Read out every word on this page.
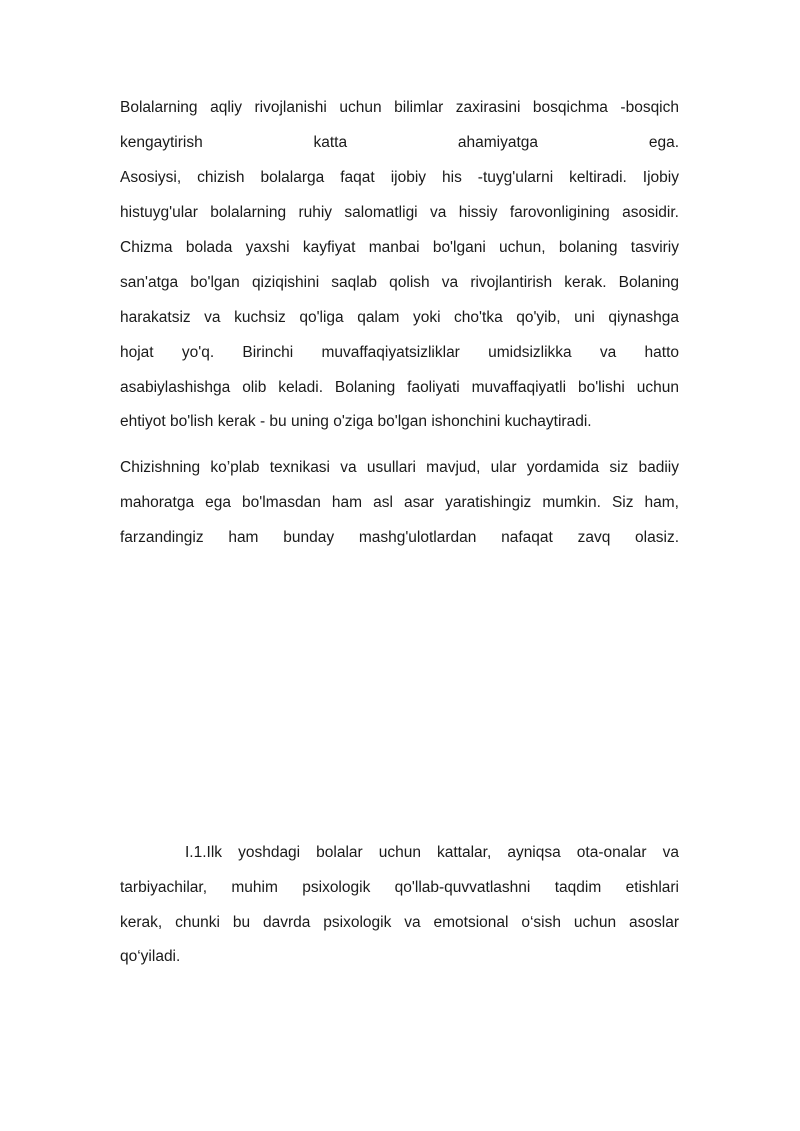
Bolalarning aqliy rivojlanishi uchun bilimlar zaxirasini bosqichma -bosqich
kengaytirish katta ahamiyatga ega.
Asosiysi, chizish bolalarga faqat ijobiy his -tuyg'ularni keltiradi. Ijobiy
histuyg'ular bolalarning ruhiy salomatligi va hissiy farovonligining asosidir.
Chizma bolada yaxshi kayfiyat manbai bo'lgani uchun, bolaning tasviriy
san'atga bo'lgan qiziqishini saqlab qolish va rivojlantirish kerak. Bolaning
harakatsiz va kuchsiz qo'liga qalam yoki cho'tka qo'yib, uni qiynashga
hojat yo'q. Birinchi muvaffaqiyatsizliklar umidsizlikka va hatto
asabiylashishga olib keladi. Bolaning faoliyati muvaffaqiyatli bo'lishi uchun
ehtiyot bo'lish kerak - bu uning o'ziga bo'lgan ishonchini kuchaytiradi.
Chizishning ko’plab texnikasi va usullari mavjud, ular yordamida siz badiiy
mahoratga ega bo'lmasdan ham asl asar yaratishingiz mumkin. Siz ham,
farzandingiz ham bunday mashg'ulotlardan nafaqat zavq olasiz.
I.1.Ilk yoshdagi bolalar uchun kattalar, ayniqsa ota-onalar va
tarbiyachilar, muhim psixologik qo'llab-quvvatlashni taqdim etishlari
kerak, chunki bu davrda psixologik va emotsional o‘sish uchun asoslar
qo‘yiladi.
